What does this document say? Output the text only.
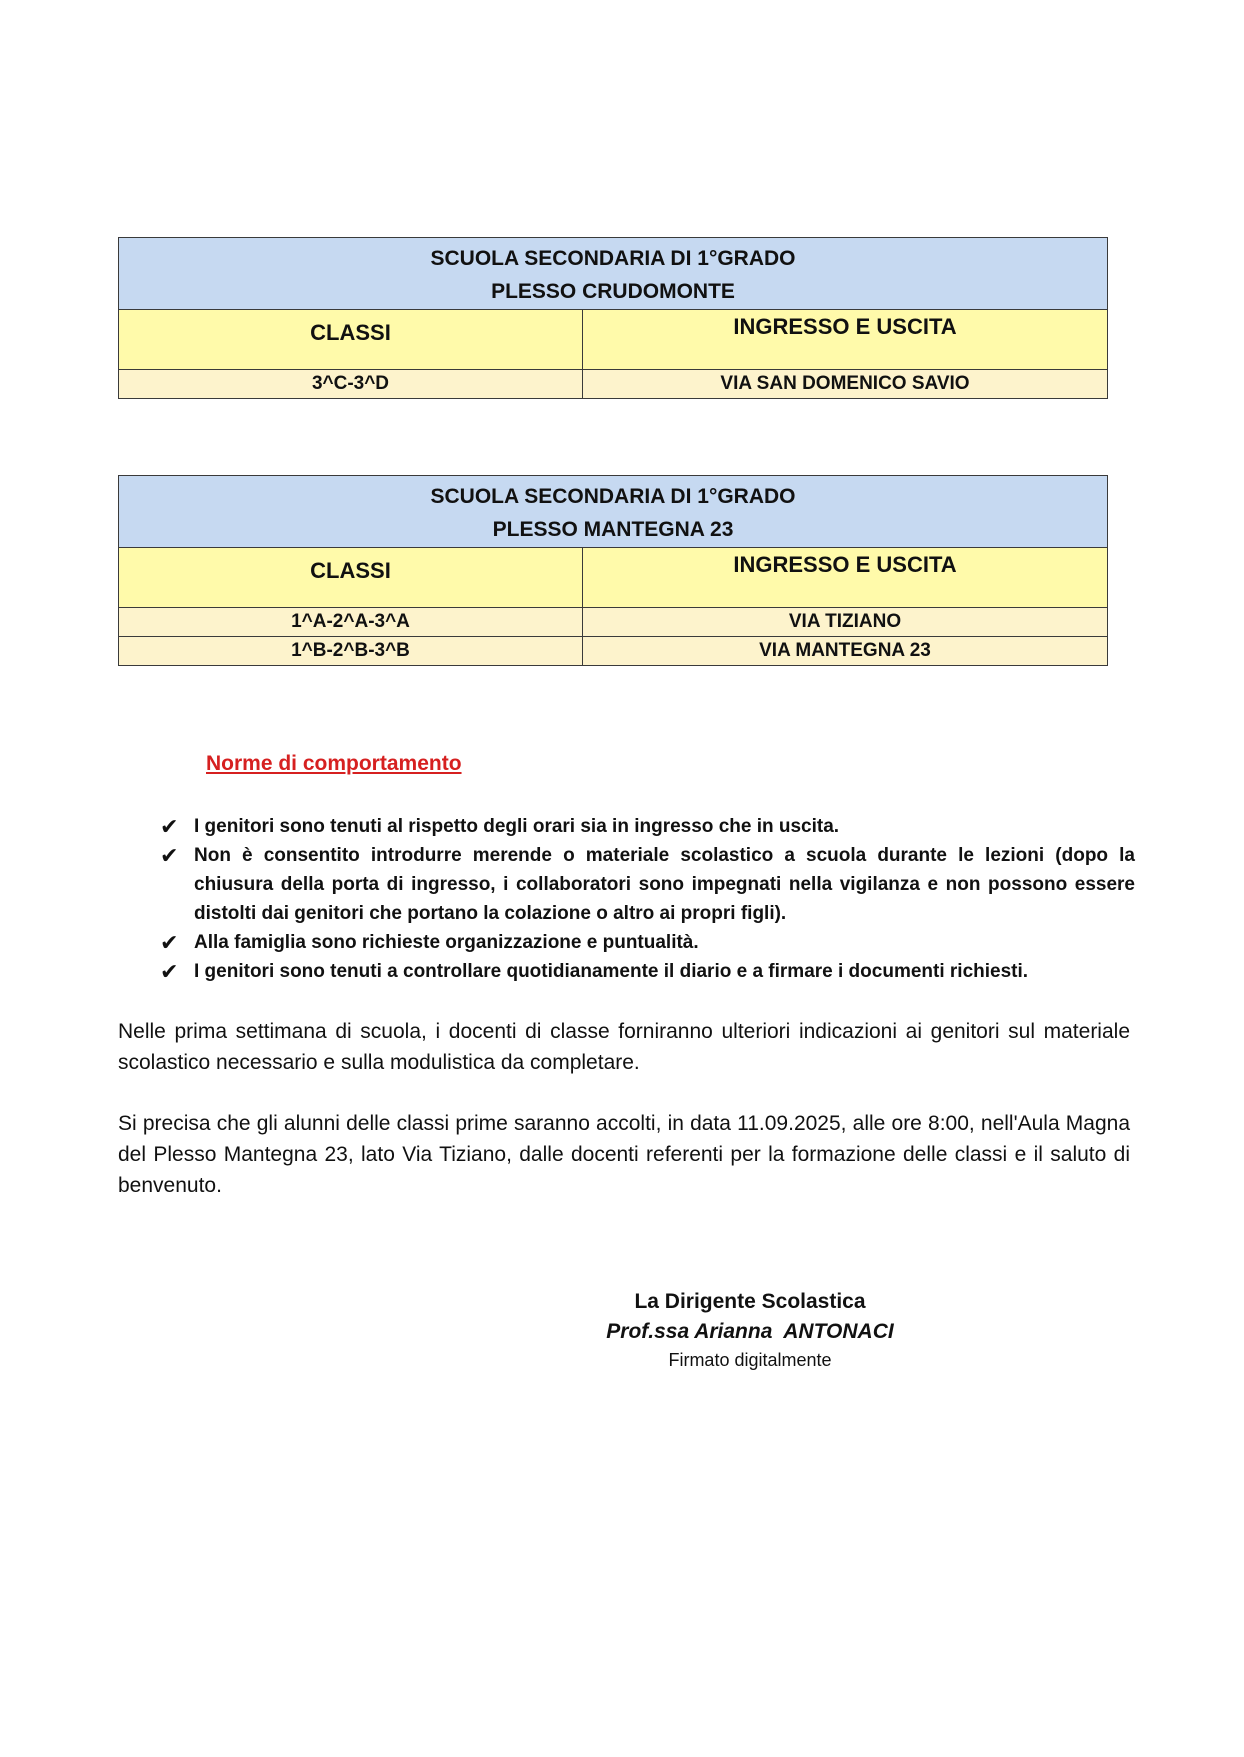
SCUOLA SECONDARIA DI 1°GRADO
PLESSO CRUDOMONTE	

CLASSI	INGRESSO E USCITA
3^C-3^D	VIA SAN DOMENICO SAVIO
SCUOLA SECONDARIA DI 1°GRADO
PLESSO MANTEGNA 23	

CLASSI	INGRESSO E USCITA
1^A-2^A-3^A	VIA TIZIANO
1^B-2^B-3^B	VIA MANTEGNA 23
Norme di comportamento
✔ I genitori sono tenuti al rispetto degli orari sia in ingresso che in uscita.
✔ Non è consentito introdurre merende o materiale scolastico a scuola durante le lezioni (dopo la chiusura della porta di ingresso, i collaboratori sono impegnati nella vigilanza e non possono essere distolti dai genitori che portano la colazione o altro ai propri figli).
✔ Alla famiglia sono richieste organizzazione e puntualità.
✔ I genitori sono tenuti a controllare quotidianamente il diario e a firmare i documenti richiesti.

Nelle prima settimana di scuola, i docenti di classe forniranno ulteriori indicazioni ai genitori sul materiale scolastico necessario e sulla modulistica da completare.

Si precisa che gli alunni delle classi prime saranno accolti, in data 11.09.2025, alle ore 8:00, nell'Aula Magna del Plesso Mantegna 23, lato Via Tiziano, dalle docenti referenti per la formazione delle classi e il saluto di benvenuto.

La Dirigente Scolastica
Prof.ssa Arianna  ANTONACI
Firmato digitalmente
